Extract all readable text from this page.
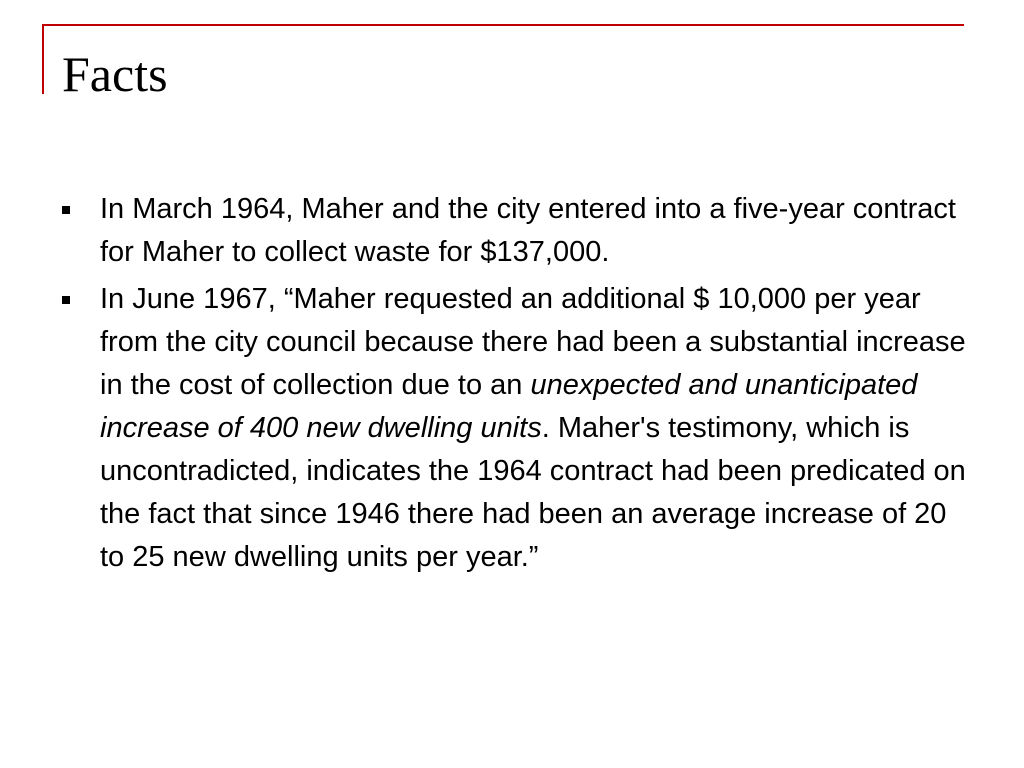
Facts
In March 1964, Maher and the city entered into a five-year contract for Maher to collect waste for $137,000.
In June 1967, “Maher requested an additional $ 10,000 per year from the city council because there had been a substantial increase in the cost of collection due to an unexpected and unanticipated increase of 400 new dwelling units. Maher's testimony, which is uncontradicted, indicates the 1964 contract had been predicated on the fact that since 1946 there had been an average increase of 20 to 25 new dwelling units per year.”
